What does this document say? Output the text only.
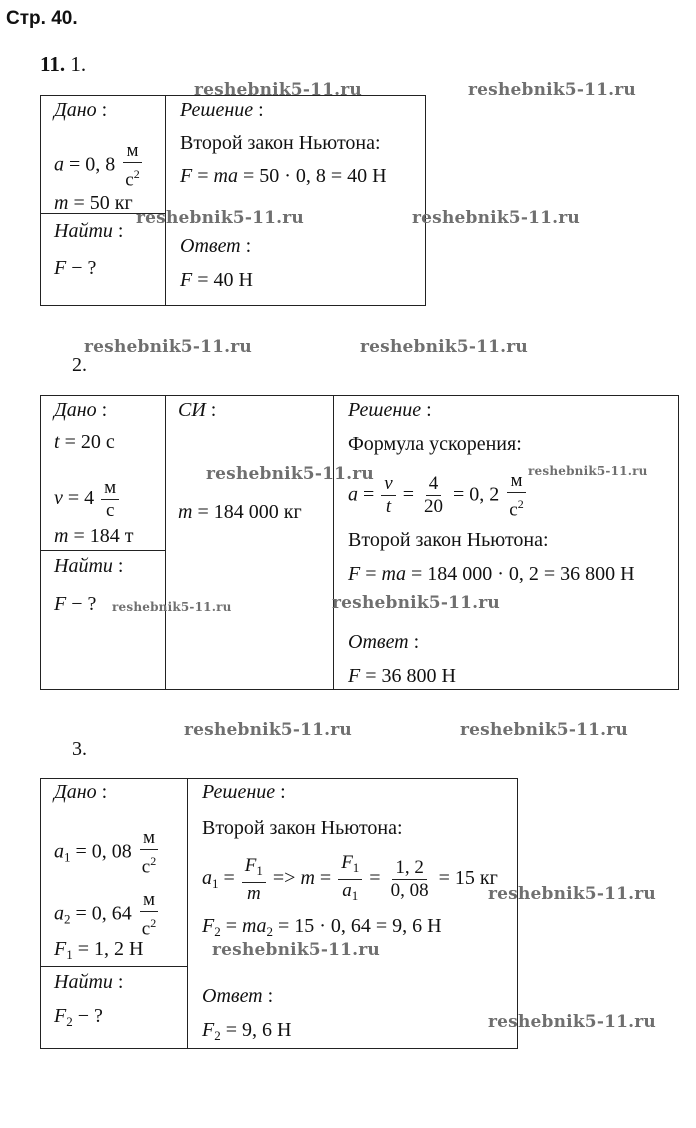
Стр. 40.
11. 1.
Дано :
a = 0, $8 \frac{м}{с^2}$
m = 50 кг
Найти :
F − ?
Решение :
Второй закон Ньютона:
F = ma = 50 · 0, 8 = 40 Н
Ответ :
F = 40 Н
2.
Дано :
t = 20 с
$v = 4 \frac{м}{с}$
m = 184 т
Найти :
F − ?
СИ :
m = 184 000 кг
Решение :
Формула ускорения:
$a = \frac{v}{t} = \frac{4}{20} = 0$, $2 \frac{м}{с^2}$
Второй закон Ньютона:
F = ma = 184 000 · 0, 2 = 36 800 Н
Ответ :
F = 36 800 Н
3.
Дано :
$a_1 = 0$, $08 \frac{м}{с^2}$
$a_2 = 0$, $64 \frac{м}{с^2}$
$F_1 = 1$, 2 Н
Найти :
$F_2$ − ?
Решение :
Второй закон Ньютона:
$a_1 = \frac{F_1}{m} => m = \frac{F_1}{a_1} = \frac{1, 2}{0, 08} = 15$ кг
$F_2 = ma_2 = 15 \cdot 0$, 64 = 9, 6 Н
Ответ :
$F_2 = 9$, 6 Н
reshebnik5-11.ru	reshebnik5-11.ru
reshebnik5-11.ru	reshebnik5-11.ru
reshebnik5-11.ru	reshebnik5-11.ru
reshebnik5-11.ru	reshebnik5-11.ru
reshebnik5-11.ru	reshebnik5-11.ru
reshebnik5-11.ru	reshebnik5-11.ru
reshebnik5-11.ru
reshebnik5-11.ru
reshebnik5-11.ru
